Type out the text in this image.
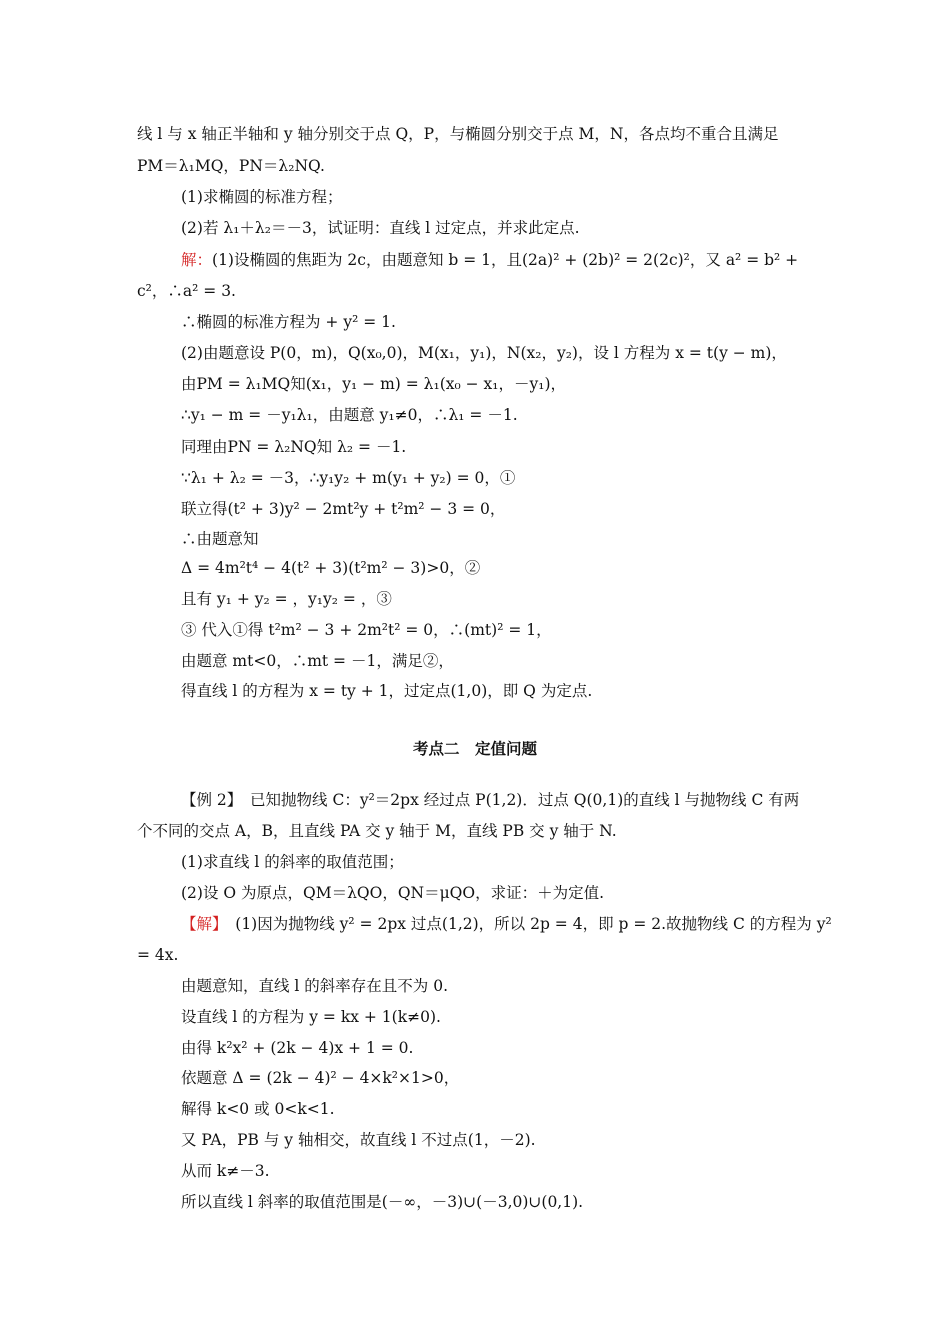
线 l 与 x 轴正半轴和 y 轴分别交于点 Q，P，与椭圆分别交于点 M，N，各点均不重合且满足
PM＝λ₁MQ，PN＝λ₂NQ.
(1)求椭圆的标准方程；
(2)若 λ₁＋λ₂＝－3，试证明：直线 l 过定点，并求此定点.
解：(1)设椭圆的焦距为 2c，由题意知 b = 1，且(2a)² + (2b)² = 2(2c)²，又 a² = b² +
c²，∴a² = 3.
∴椭圆的标准方程为 + y² = 1.
(2)由题意设 P(0，m)，Q(x₀,0)，M(x₁，y₁)，N(x₂，y₂)，设 l 方程为 x = t(y − m)，
由PM = λ₁MQ知(x₁，y₁ − m) = λ₁(x₀ − x₁，－y₁)，
∴y₁ − m = －y₁λ₁，由题意 y₁≠0，∴λ₁ = －1.
同理由PN = λ₂NQ知 λ₂ = －1.
∵λ₁ + λ₂ = －3，∴y₁y₂ + m(y₁ + y₂) = 0，①
联立得(t² + 3)y² − 2mt²y + t²m² − 3 = 0，
∴由题意知
Δ = 4m²t⁴ − 4(t² + 3)(t²m² − 3)>0，②
且有 y₁ + y₂ = ，y₁y₂ = ，③
③ 代入①得 t²m² − 3 + 2m²t² = 0，∴(mt)² = 1，
由题意 mt<0，∴mt = －1，满足②，
得直线 l 的方程为 x = ty + 1，过定点(1,0)，即 Q 为定点.
考点二　定值问题
【例 2】　已知抛物线 C：y²＝2px 经过点 P(1,2)．过点 Q(0,1)的直线 l 与抛物线 C 有两
个不同的交点 A，B，且直线 PA 交 y 轴于 M，直线 PB 交 y 轴于 N.
(1)求直线 l 的斜率的取值范围；
(2)设 O 为原点，QM＝λQO，QN＝μQO，求证：＋为定值.
【解】　(1)因为抛物线 y² = 2px 过点(1,2)，所以 2p = 4，即 p = 2.故抛物线 C 的方程为 y²
= 4x.
由题意知，直线 l 的斜率存在且不为 0.
设直线 l 的方程为 y = kx + 1(k≠0).
由得 k²x² + (2k − 4)x + 1 = 0.
依题意 Δ = (2k − 4)² − 4×k²×1>0，
解得 k<0 或 0<k<1.
又 PA，PB 与 y 轴相交，故直线 l 不过点(1，－2).
从而 k≠－3.
所以直线 l 斜率的取值范围是(－∞，－3)∪(－3,0)∪(0,1).
